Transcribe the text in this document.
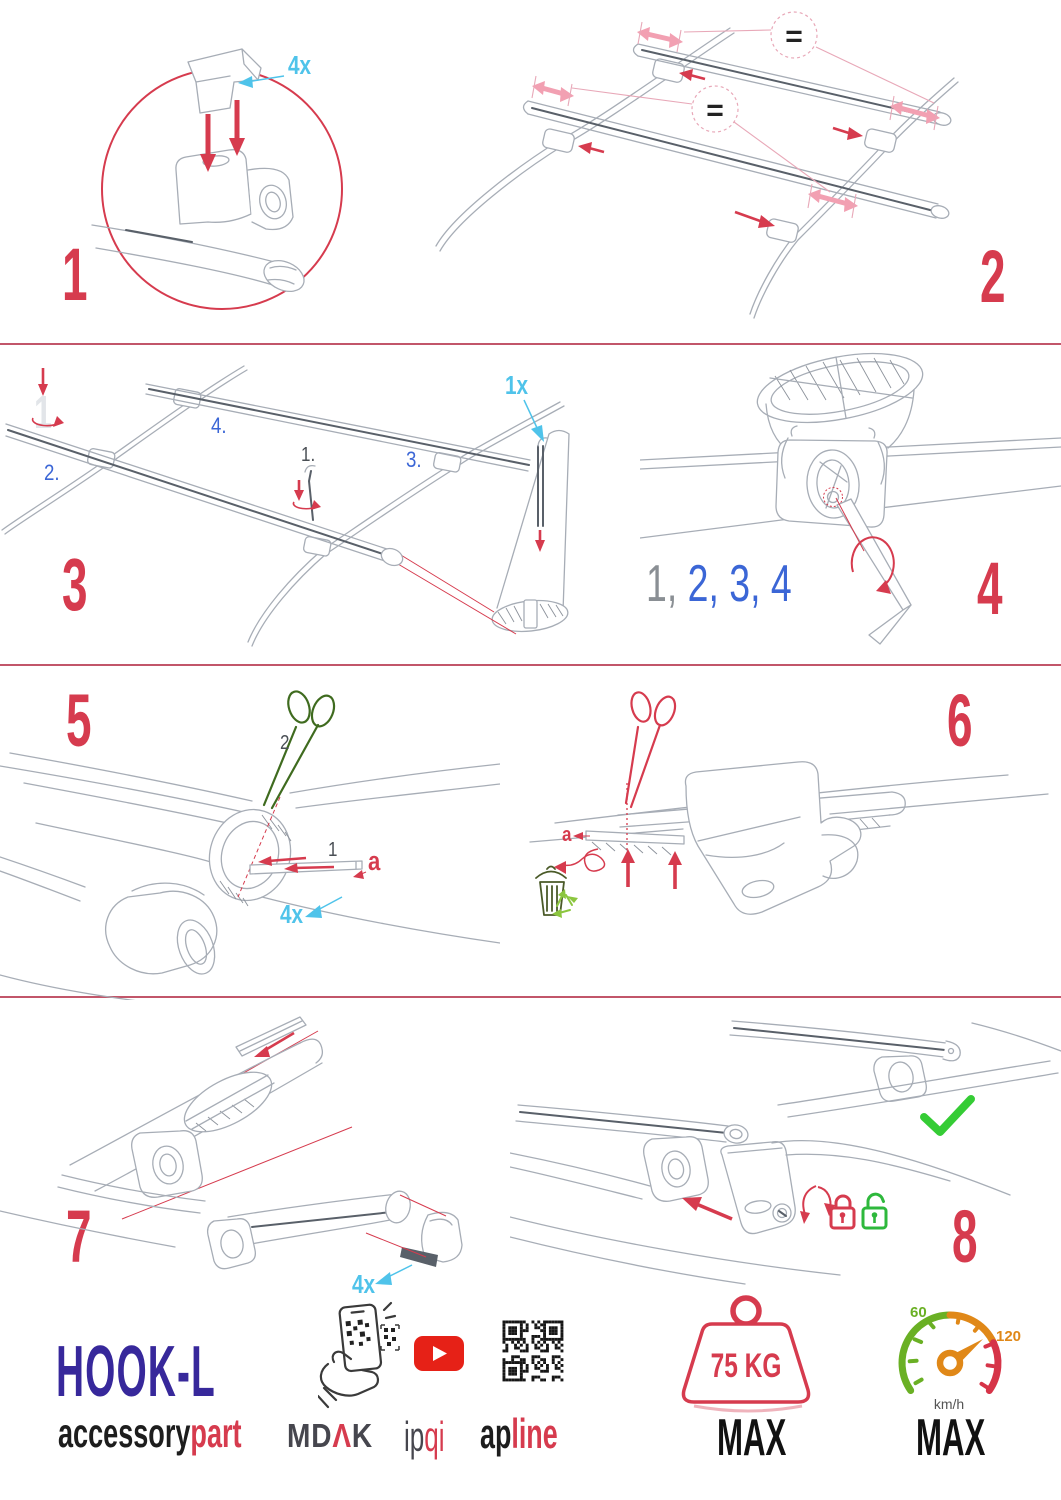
1	2
3	4
5	6
7	8
4x
=
=
1
2.
4.
3.
1.
1x
1, 2, 3, 4
1 a
2
4x
a
4x
HOOK-L
accessorypart MDΛK ipqi apline
75 KG
MAX
60
120
km/h
MAX
